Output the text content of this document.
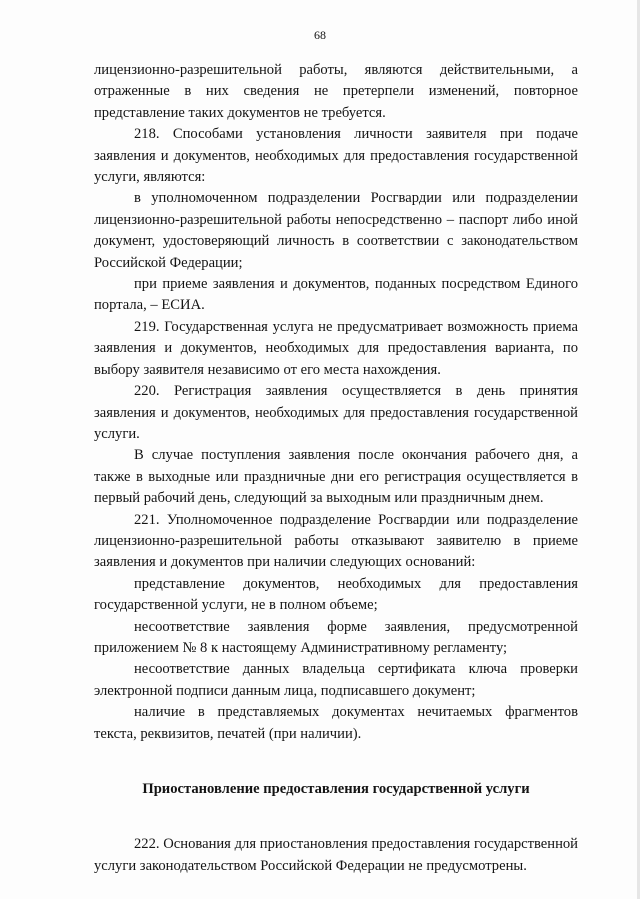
68

лицензионно-разрешительной работы, являются действительными, а отраженные в них сведения не претерпели изменений, повторное представление таких документов не требуется.

218. Способами установления личности заявителя при подаче заявления и документов, необходимых для предоставления государственной услуги, являются:

в уполномоченном подразделении Росгвардии или подразделении лицензионно-разрешительной работы непосредственно – паспорт либо иной документ, удостоверяющий личность в соответствии с законодательством Российской Федерации;

при приеме заявления и документов, поданных посредством Единого портала, – ЕСИА.

219. Государственная услуга не предусматривает возможность приема заявления и документов, необходимых для предоставления варианта, по выбору заявителя независимо от его места нахождения.

220. Регистрация заявления осуществляется в день принятия заявления и документов, необходимых для предоставления государственной услуги.

В случае поступления заявления после окончания рабочего дня, а также в выходные или праздничные дни его регистрация осуществляется в первый рабочий день, следующий за выходным или праздничным днем.

221. Уполномоченное подразделение Росгвардии или подразделение лицензионно-разрешительной работы отказывают заявителю в приеме заявления и документов при наличии следующих оснований:

представление документов, необходимых для предоставления государственной услуги, не в полном объеме;

несоответствие заявления форме заявления, предусмотренной приложением № 8 к настоящему Административному регламенту;

несоответствие данных владельца сертификата ключа проверки электронной подписи данным лица, подписавшего документ;

наличие в представляемых документах нечитаемых фрагментов текста, реквизитов, печатей (при наличии).

Приостановление предоставления государственной услуги

222. Основания для приостановления предоставления государственной услуги законодательством Российской Федерации не предусмотрены.
